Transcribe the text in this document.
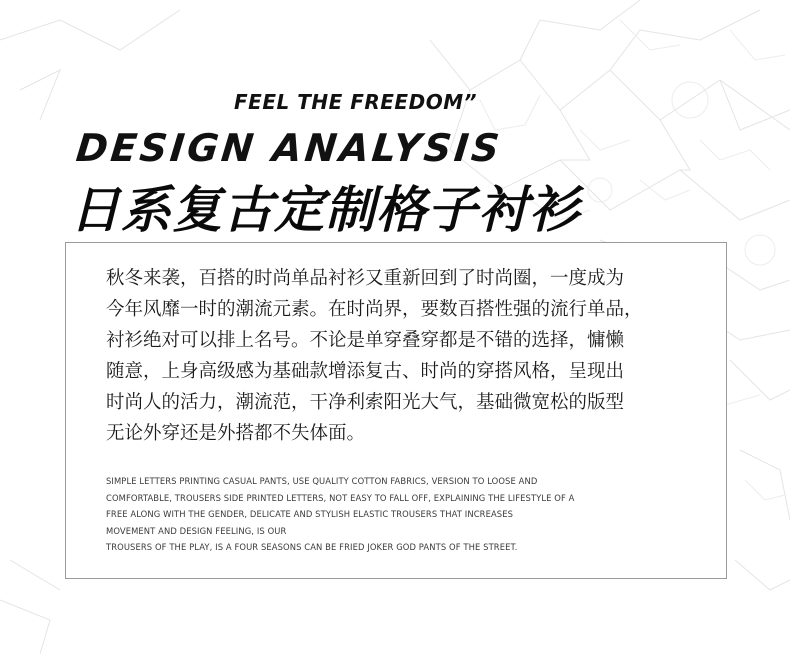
FEEL THE FREEDOM”
DESIGN ANALYSIS
日系复古定制格子衬衫

秋冬来袭，百搭的时尚单品衬衫又重新回到了时尚圈，一度成为
今年风靡一时的潮流元素。在时尚界，要数百搭性强的流行单品，
衬衫绝对可以排上名号。不论是单穿叠穿都是不错的选择，慵懒
随意，上身高级感为基础款增添复古、时尚的穿搭风格，呈现出
时尚人的活力，潮流范，干净利索阳光大气，基础微宽松的版型
无论外穿还是外搭都不失体面。

SIMPLE LETTERS PRINTING CASUAL PANTS, USE QUALITY COTTON FABRICS, VERSION TO LOOSE AND
COMFORTABLE, TROUSERS SIDE PRINTED LETTERS, NOT EASY TO FALL OFF, EXPLAINING THE LIFESTYLE OF A
FREE ALONG WITH THE GENDER, DELICATE AND STYLISH ELASTIC TROUSERS THAT INCREASES
MOVEMENT AND DESIGN FEELING, IS OUR
TROUSERS OF THE PLAY, IS A FOUR SEASONS CAN BE FRIED JOKER GOD PANTS OF THE STREET.
